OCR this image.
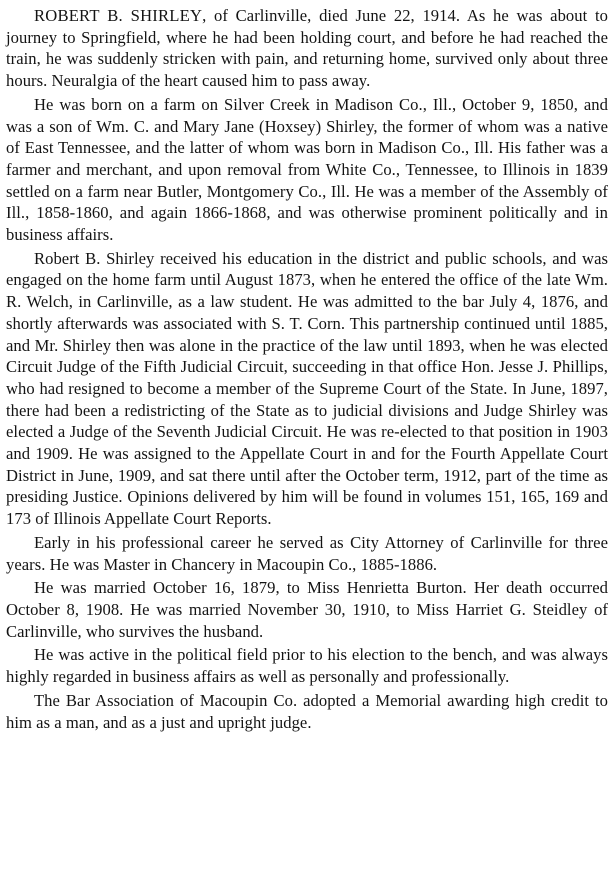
ROBERT B. SHIRLEY, of Carlinville, died June 22, 1914. As he was about to journey to Springfield, where he had been holding court, and before he had reached the train, he was suddenly stricken with pain, and returning home, survived only about three hours. Neuralgia of the heart caused him to pass away.

He was born on a farm on Silver Creek in Madison Co., Ill., October 9, 1850, and was a son of Wm. C. and Mary Jane (Hoxsey) Shirley, the former of whom was a native of East Tennessee, and the latter of whom was born in Madison Co., Ill. His father was a farmer and merchant, and upon removal from White Co., Tennessee, to Illinois in 1839 settled on a farm near Butler, Montgomery Co., Ill. He was a member of the Assembly of Ill., 1858-1860, and again 1866-1868, and was otherwise prominent politically and in business affairs.

Robert B. Shirley received his education in the district and public schools, and was engaged on the home farm until August 1873, when he entered the office of the late Wm. R. Welch, in Carlinville, as a law student. He was admitted to the bar July 4, 1876, and shortly afterwards was associated with S. T. Corn. This partnership continued until 1885, and Mr. Shirley then was alone in the practice of the law until 1893, when he was elected Circuit Judge of the Fifth Judicial Circuit, succeeding in that office Hon. Jesse J. Phillips, who had resigned to become a member of the Supreme Court of the State. In June, 1897, there had been a redistricting of the State as to judicial divisions and Judge Shirley was elected a Judge of the Seventh Judicial Circuit. He was re-elected to that position in 1903 and 1909. He was assigned to the Appellate Court in and for the Fourth Appellate Court District in June, 1909, and sat there until after the October term, 1912, part of the time as presiding Justice. Opinions delivered by him will be found in volumes 151, 165, 169 and 173 of Illinois Appellate Court Reports.

Early in his professional career he served as City Attorney of Carlinville for three years. He was Master in Chancery in Macoupin Co., 1885-1886.

He was married October 16, 1879, to Miss Henrietta Burton. Her death occurred October 8, 1908. He was married November 30, 1910, to Miss Harriet G. Steidley of Carlinville, who survives the husband.

He was active in the political field prior to his election to the bench, and was always highly regarded in business affairs as well as personally and professionally.

The Bar Association of Macoupin Co. adopted a Memorial awarding high credit to him as a man, and as a just and upright judge.
